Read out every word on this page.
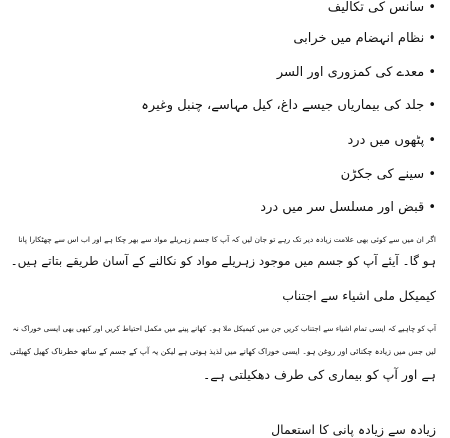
• سانس کی تکالیف
• نظام انہضام میں خرابی
• معدے کی کمزوری اور السر
• جلد کی بیماریاں جیسے داغ، کیل مہاسے، چنبل وغیرہ
• پٹھوں میں درد
• سینے کی جکڑن
• قبض اور مسلسل سر میں درد
اگر ان میں سے کوئی بھی علامت زیادہ دیر تک رہے تو جان لیں کہ آپ کا جسم زہریلے مواد سے بھر چکا ہے اور اب اس سے چھٹکارا پانا
ہو گا۔ آیئے آپ کو جسم میں موجود زہریلے مواد کو نکالنے کے آسان طریقے بتاتے ہیں۔
کیمیکل ملی اشیاء سے اجتناب
آپ کو چاہیے کہ ایسی تمام اشیاء سے اجتناب کریں جن میں کیمیکل ملا ہو۔ کھانے پینے میں مکمل احتیاط کریں اور کبھی بھی ایسی خوراک نہ
لیں جس میں زیادہ چکنائی اور روغن ہو۔ ایسی خوراک کھانے میں لذیذ ہوتی ہے لیکن یہ آپ کے جسم کے ساتھ خطرناک کھیل کھیلتی
ہے اور آپ کو بیماری کی طرف دھکیلتی ہے۔
زیادہ سے زیادہ پانی کا استعمال
